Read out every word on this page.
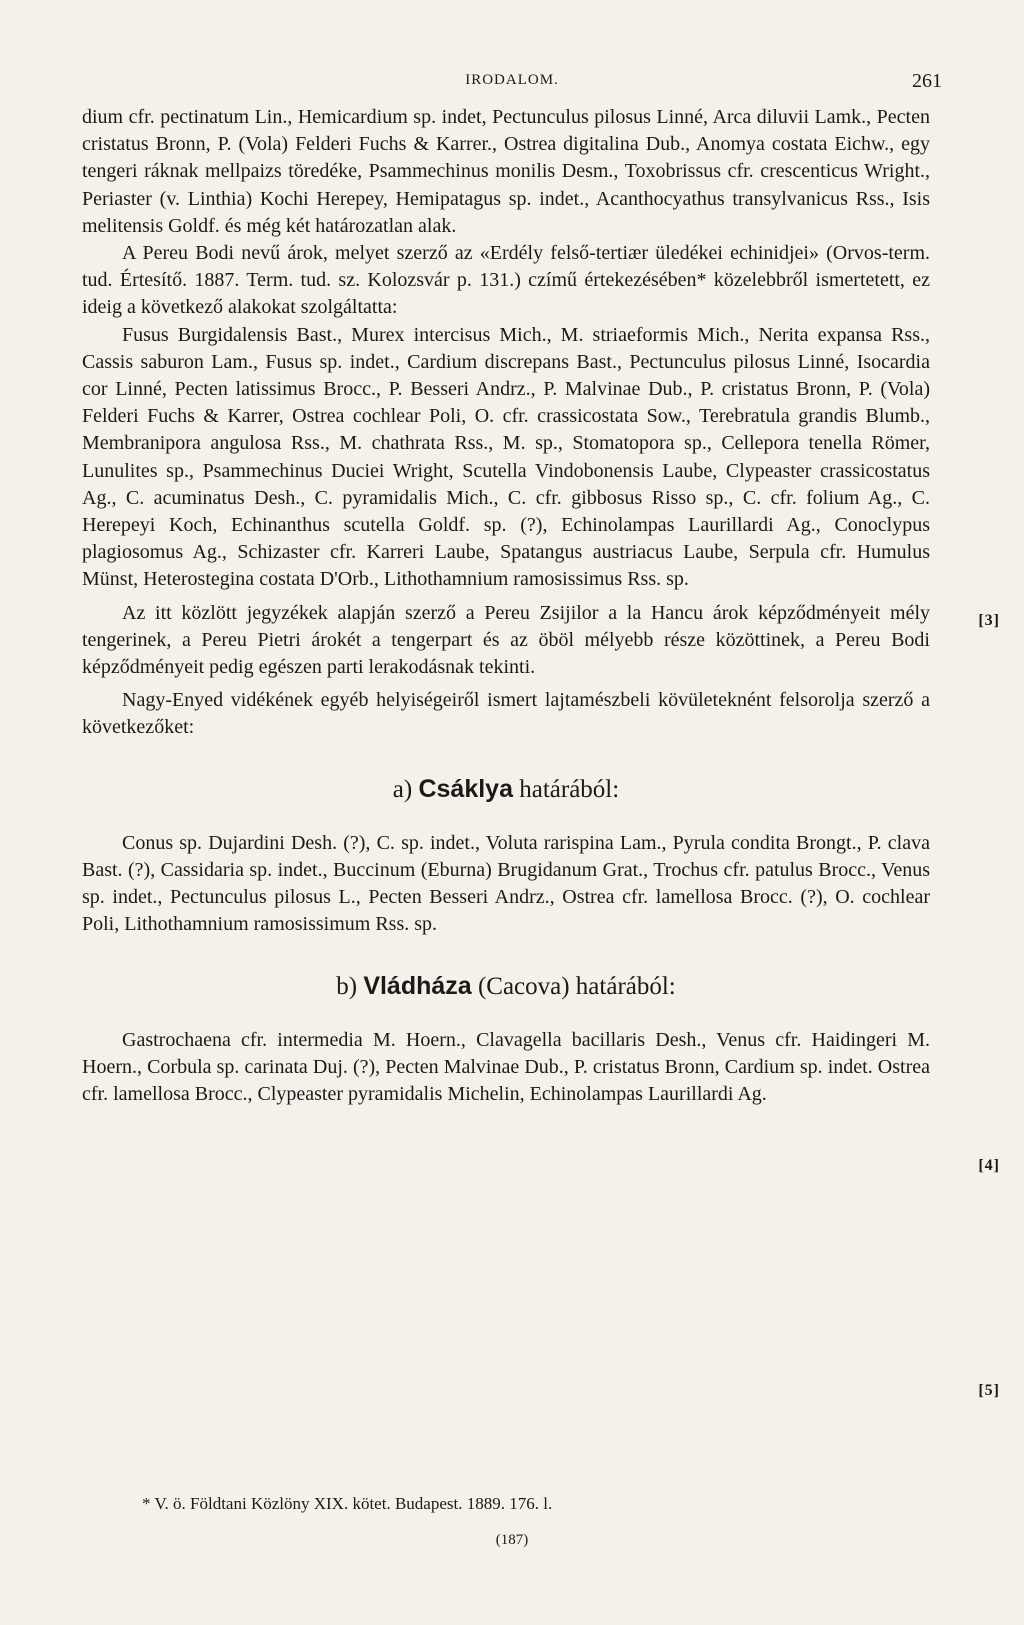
IRODALOM.	261

dium cfr. pectinatum Lin., Hemicardium sp. indet, Pectunculus pilosus Linné, Arca diluvii Lamk., Pecten cristatus Bronn, P. (Vola) Felderi Fuchs & Karrer., Ostrea digitalina Dub., Anomya costata Eichw., egy tengeri ráknak mellpaizs töredéke, Psammechinus monilis Desm., Toxobrissus cfr. crescenticus Wright., Periaster (v. Linthia) Kochi Herepey, Hemipatagus sp. indet., Acanthocyathus transylvanicus Rss., Isis melitensis Goldf. és még két határozatlan alak.

A Pereu Bodi nevű árok, melyet szerző az «Erdély felső-tertiær üledékei echinidjei» (Orvos-term. tud. Értesítő. 1887. Term. tud. sz. Kolozsvár p. 131.) czímű értekezésében* közelebbről ismertetett, ez ideig a következő alakokat szolgáltatta:

Fusus Burgidalensis Bast., Murex intercisus Mich., M. striaeformis Mich., Nerita expansa Rss., Cassis saburon Lam., Fusus sp. indet., Cardium discrepans Bast., Pectunculus pilosus Linné, Isocardia cor Linné, Pecten latissimus Brocc., P. Besseri Andrz., P. Malvinae Dub., P. cristatus Bronn, P. (Vola) Felderi Fuchs & Karrer, Ostrea cochlear Poli, O. cfr. crassicostata Sow., Terebratula grandis Blumb., Membranipora angulosa Rss., M. chathrata Rss., M. sp., Stomatopora sp., Cellepora tenella Römer, Lunulites sp., Psammechinus Duciei Wright, Scutella Vindobonensis Laube, Clypeaster crassicostatus Ag., C. acuminatus Desh., C. pyramidalis Mich., C. cfr. gibbosus Risso sp., C. cfr. folium Ag., C. Herepeyi Koch, Echinanthus scutella Goldf. sp. (?), Echinolampas Laurillardi Ag., Conoclypus plagiosomus Ag., Schizaster cfr. Karreri Laube, Spatangus austriacus Laube, Serpula cfr. Humulus Münst, Heterostegina costata D'Orb., Lithothamnium ramosissimus Rss. sp.

Az itt közlött jegyzékek alapján szerző a Pereu Zsijilor a la Hancu árok képződményeit mély tengerinek, a Pereu Pietri árokét a tengerpart és az öböl mélyebb része közöttinek, a Pereu Bodi képződményeit pedig egészen parti lerakodásnak tekinti.

Nagy-Enyed vidékének egyéb helyiségeiről ismert lajtamészbeli kövületeknént felsorolja szerző a következőket:

a) Csáklya határából:

Conus sp. Dujardini Desh. (?), C. sp. indet., Voluta rarispina Lam., Pyrula condita Brongt., P. clava Bast. (?), Cassidaria sp. indet., Buccinum (Eburna) Brugidanum Grat., Trochus cfr. patulus Brocc., Venus sp. indet., Pectunculus pilosus L., Pecten Besseri Andrz., Ostrea cfr. lamellosa Brocc. (?), O. cochlear Poli, Lithothamnium ramosissimum Rss. sp.

b) Vládháza (Cacova) határából:

Gastrochaena cfr. intermedia M. Hoern., Clavagella bacillaris Desh., Venus cfr. Haidingeri M. Hoern., Corbula sp. carinata Duj. (?), Pecten Malvinae Dub., P. cristatus Bronn, Cardium sp. indet. Ostrea cfr. lamellosa Brocc., Clypeaster pyramidalis Michelin, Echinolampas Laurillardi Ag.

[3]
[4]
[5]
* V. ö. Földtani Közlöny XIX. kötet. Budapest. 1889. 176. l.
(187)
